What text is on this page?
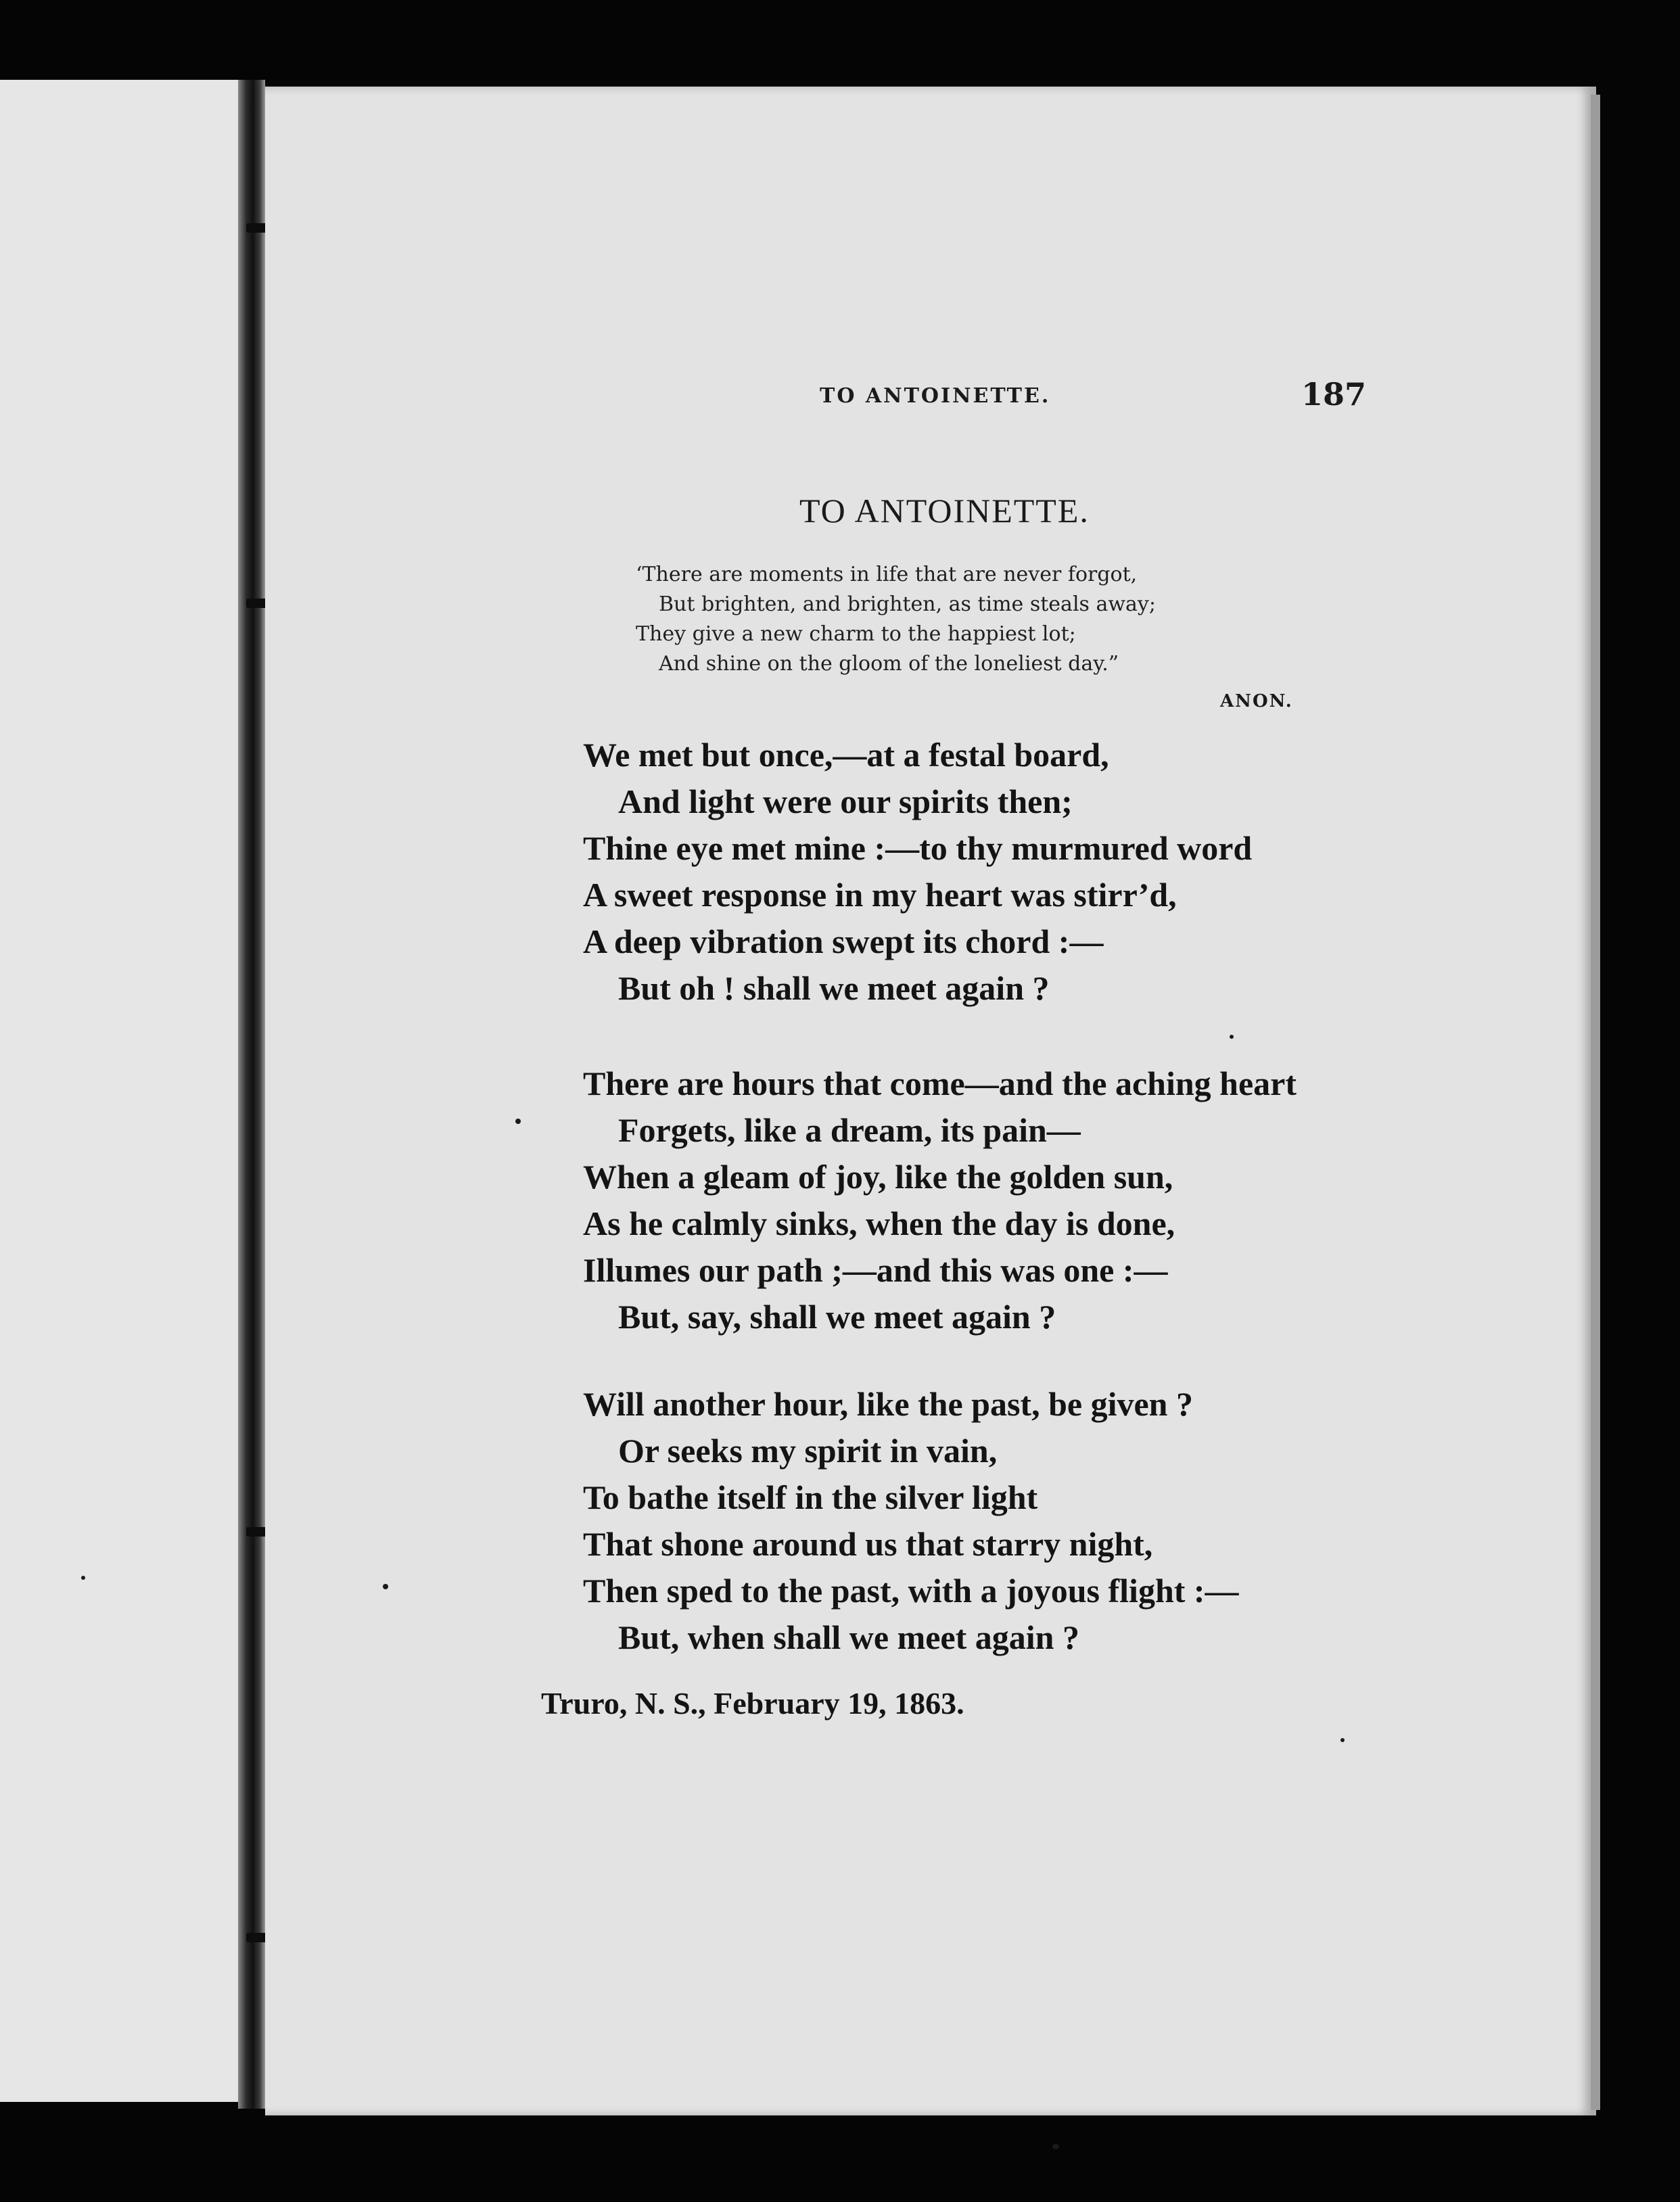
TO ANTOINETTE.	187
TO ANTOINETTE.
‘There are moments in life that are never forgot,
But brighten, and brighten, as time steals away;
They give a new charm to the happiest lot;
And shine on the gloom of the loneliest day.”
ANON.
We met but once,—at a festal board,
And light were our spirits then;
Thine eye met mine :—to thy murmured word
A sweet response in my heart was stirr’d,
A deep vibration swept its chord :—
But oh ! shall we meet again ?
There are hours that come—and the aching heart
Forgets, like a dream, its pain—
When a gleam of joy, like the golden sun,
As he calmly sinks, when the day is done,
Illumes our path ;—and this was one :—
But, say, shall we meet again ?
Will another hour, like the past, be given ?
Or seeks my spirit in vain,
To bathe itself in the silver light
That shone around us that starry night,
Then sped to the past, with a joyous flight :—
But, when shall we meet again ?
Truro, N. S., February 19, 1863.
